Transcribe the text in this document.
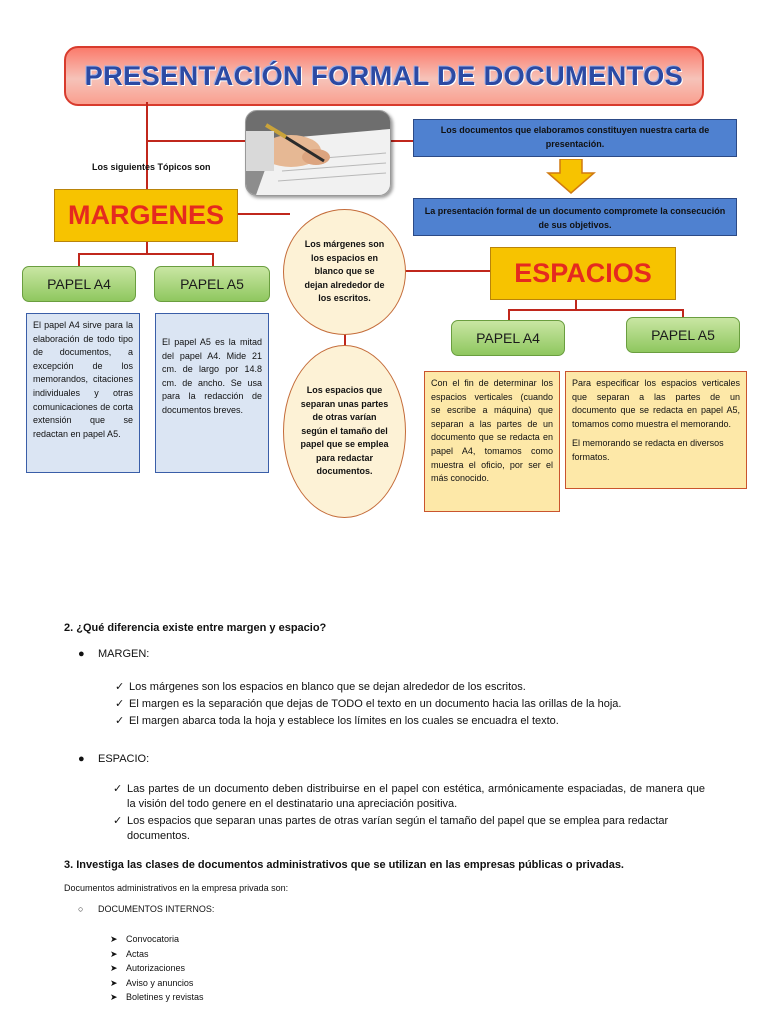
PRESENTACIÓN FORMAL DE DOCUMENTOS
Los siguientes Tópicos son
Los documentos que elaboramos constituyen nuestra carta de presentación.
La presentación formal de un documento compromete la consecución de sus objetivos.
MARGENES
PAPEL A4	PAPEL A5
El papel A4 sirve para la elaboración de todo tipo de documentos, a excepción de los memorandos, citaciones individuales y otras comunicaciones de corta extensión que se redactan en papel A5.
El papel A5 es la mitad del papel A4. Mide 21 cm. de largo por 14.8 cm. de ancho. Se usa para la redacción de documentos breves.
Los márgenes son los espacios en blanco que se dejan alrededor de los escritos.
Los espacios que separan unas partes de otras varían según el tamaño del papel que se emplea para redactar documentos.
ESPACIOS
PAPEL A4	PAPEL A5
Con el fin de determinar los espacios verticales (cuando se escribe a máquina) que separan a las partes de un documento que se redacta en papel A4, tomamos como muestra el oficio, por ser el más conocido.
Para especificar los espacios verticales que separan a las partes de un documento que se redacta en papel A5, tomamos como muestra el memorando.
El memorando se redacta en diversos formatos.
2. ¿Qué diferencia existe entre margen y espacio?
●	MARGEN:
✓ Los márgenes son los espacios en blanco que se dejan alrededor de los escritos.
✓ El margen es la separación que dejas de TODO el texto en un documento hacia las orillas de la hoja.
✓ El margen abarca toda la hoja y establece los límites en los cuales se encuadra el texto.
●	ESPACIO:
✓ Las partes de un documento deben distribuirse en el papel con estética, armónicamente espaciadas, de manera que la visión del todo genere en el destinatario una apreciación positiva.
✓ Los espacios que separan unas partes de otras varían según el tamaño del papel que se emplea para redactar documentos.
3. Investiga las clases de documentos administrativos que se utilizan en las empresas públicas o privadas.
Documentos administrativos en la empresa privada son:
○	DOCUMENTOS INTERNOS:
➤ Convocatoria
➤ Actas
➤ Autorizaciones
➤ Aviso y anuncios
➤ Boletines y revistas
